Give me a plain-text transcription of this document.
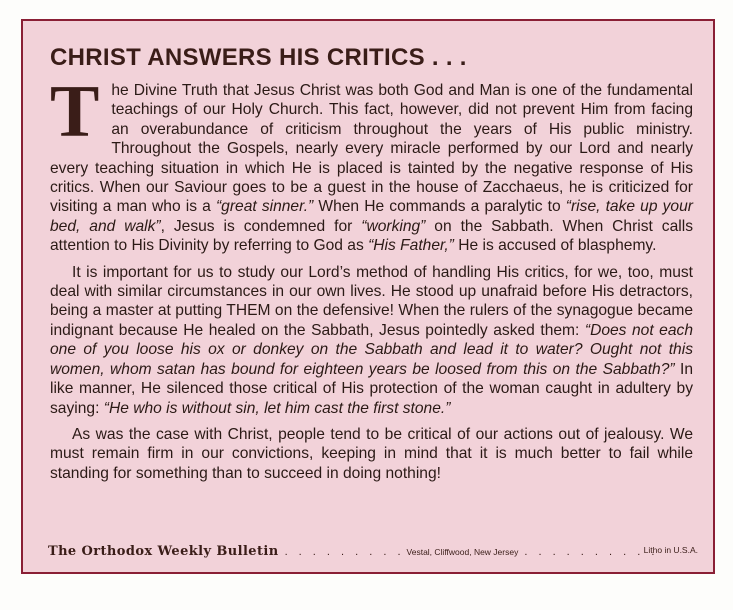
CHRIST ANSWERS HIS CRITICS . . .

The Divine Truth that Jesus Christ was both God and Man is one of the fundamental teachings of our Holy Church. This fact, however, did not prevent Him from facing an overabundance of criticism throughout the years of His public ministry. Throughout the Gospels, nearly every miracle performed by our Lord and nearly every teaching situation in which He is placed is tainted by the negative response of His critics. When our Saviour goes to be a guest in the house of Zacchaeus, he is criticized for visiting a man who is a “great sinner.” When He commands a paralytic to “rise, take up your bed, and walk”, Jesus is condemned for “working” on the Sabbath. When Christ calls attention to His Divinity by referring to God as “His Father,” He is accused of blasphemy.

It is important for us to study our Lord’s method of handling His critics, for we, too, must deal with similar circumstances in our own lives. He stood up unafraid before His detractors, being a master at putting THEM on the defensive! When the rulers of the synagogue became indignant because He healed on the Sabbath, Jesus pointedly asked them: “Does not each one of you loose his ox or donkey on the Sabbath and lead it to water? Ought not this women, whom satan has bound for eighteen years be loosed from this on the Sabbath?” In like manner, He silenced those critical of His protection of the woman caught in adultery by saying: “He who is without sin, let him cast the first stone.”

As was the case with Christ, people tend to be critical of our actions out of jealousy. We must remain firm in our convictions, keeping in mind that it is much better to fail while standing for something than to succeed in doing nothing!

The Orthodox Weekly Bulletin . . . . . . . . . Vestal, Cliffwood, New Jersey . . . . . . . . . .
Litho in U.S.A.
